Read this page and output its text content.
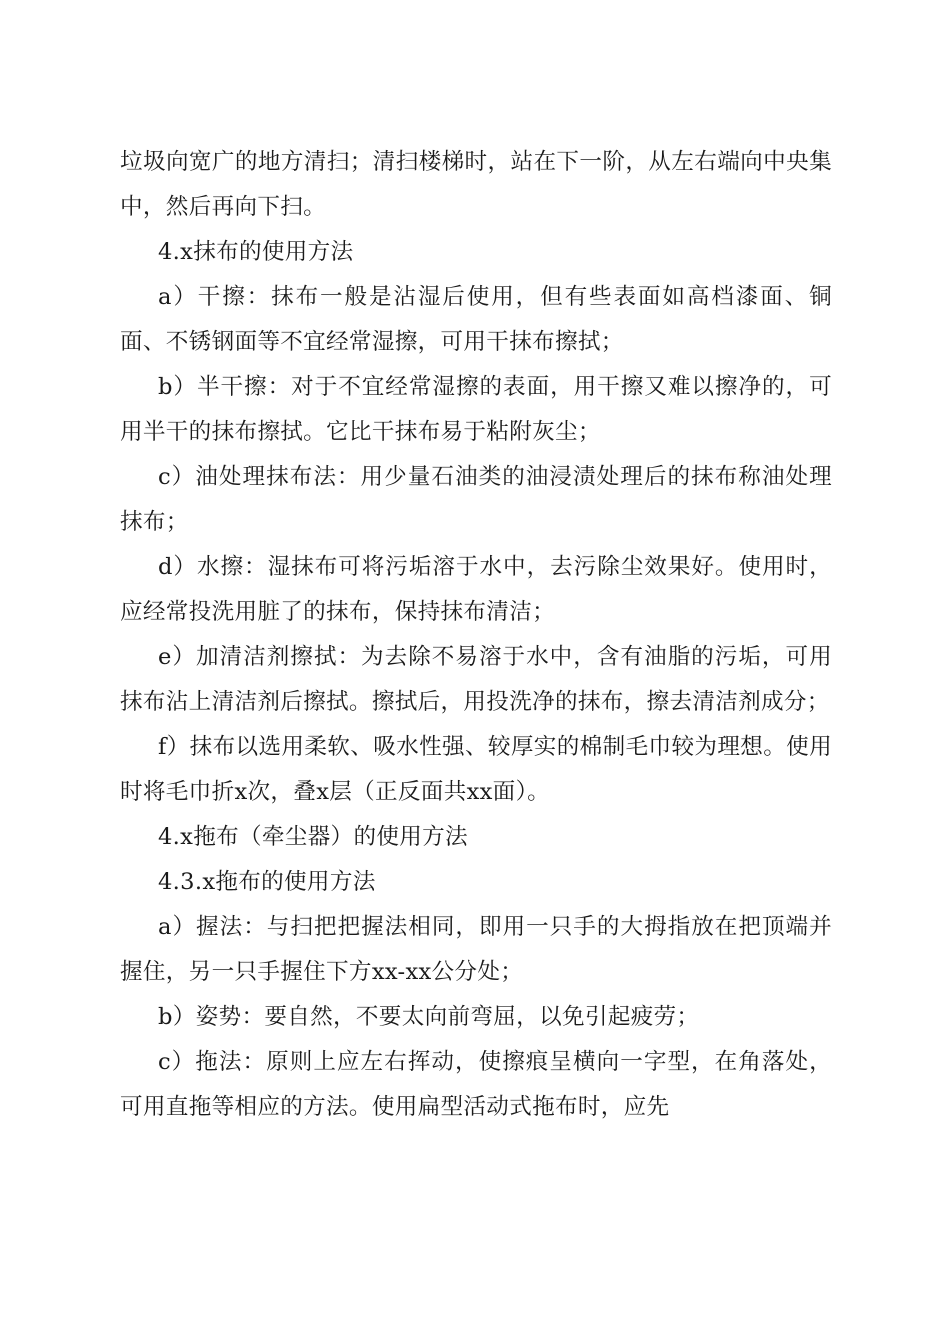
垃圾向宽广的地方清扫；清扫楼梯时，站在下一阶，从左右端向中央集中，然后再向下扫。

4.x抹布的使用方法

a）干擦：抹布一般是沾湿后使用，但有些表面如高档漆面、铜面、不锈钢面等不宜经常湿擦，可用干抹布擦拭；

b）半干擦：对于不宜经常湿擦的表面，用干擦又难以擦净的，可用半干的抹布擦拭。它比干抹布易于粘附灰尘；

c）油处理抹布法：用少量石油类的油浸渍处理后的抹布称油处理抹布；

d）水擦：湿抹布可将污垢溶于水中，去污除尘效果好。使用时，应经常投洗用脏了的抹布，保持抹布清洁；

e）加清洁剂擦拭：为去除不易溶于水中，含有油脂的污垢，可用抹布沾上清洁剂后擦拭。擦拭后，用投洗净的抹布，擦去清洁剂成分；

f）抹布以选用柔软、吸水性强、较厚实的棉制毛巾较为理想。使用时将毛巾折x次，叠x层（正反面共xx面）。

4.x拖布（牵尘器）的使用方法

4.3.x拖布的使用方法

a）握法：与扫把把握法相同，即用一只手的大拇指放在把顶端并握住，另一只手握住下方xx-xx公分处；

b）姿势：要自然，不要太向前弯屈，以免引起疲劳；

c）拖法：原则上应左右挥动，使擦痕呈横向一字型，在角落处，可用直拖等相应的方法。使用扁型活动式拖布时，应先
